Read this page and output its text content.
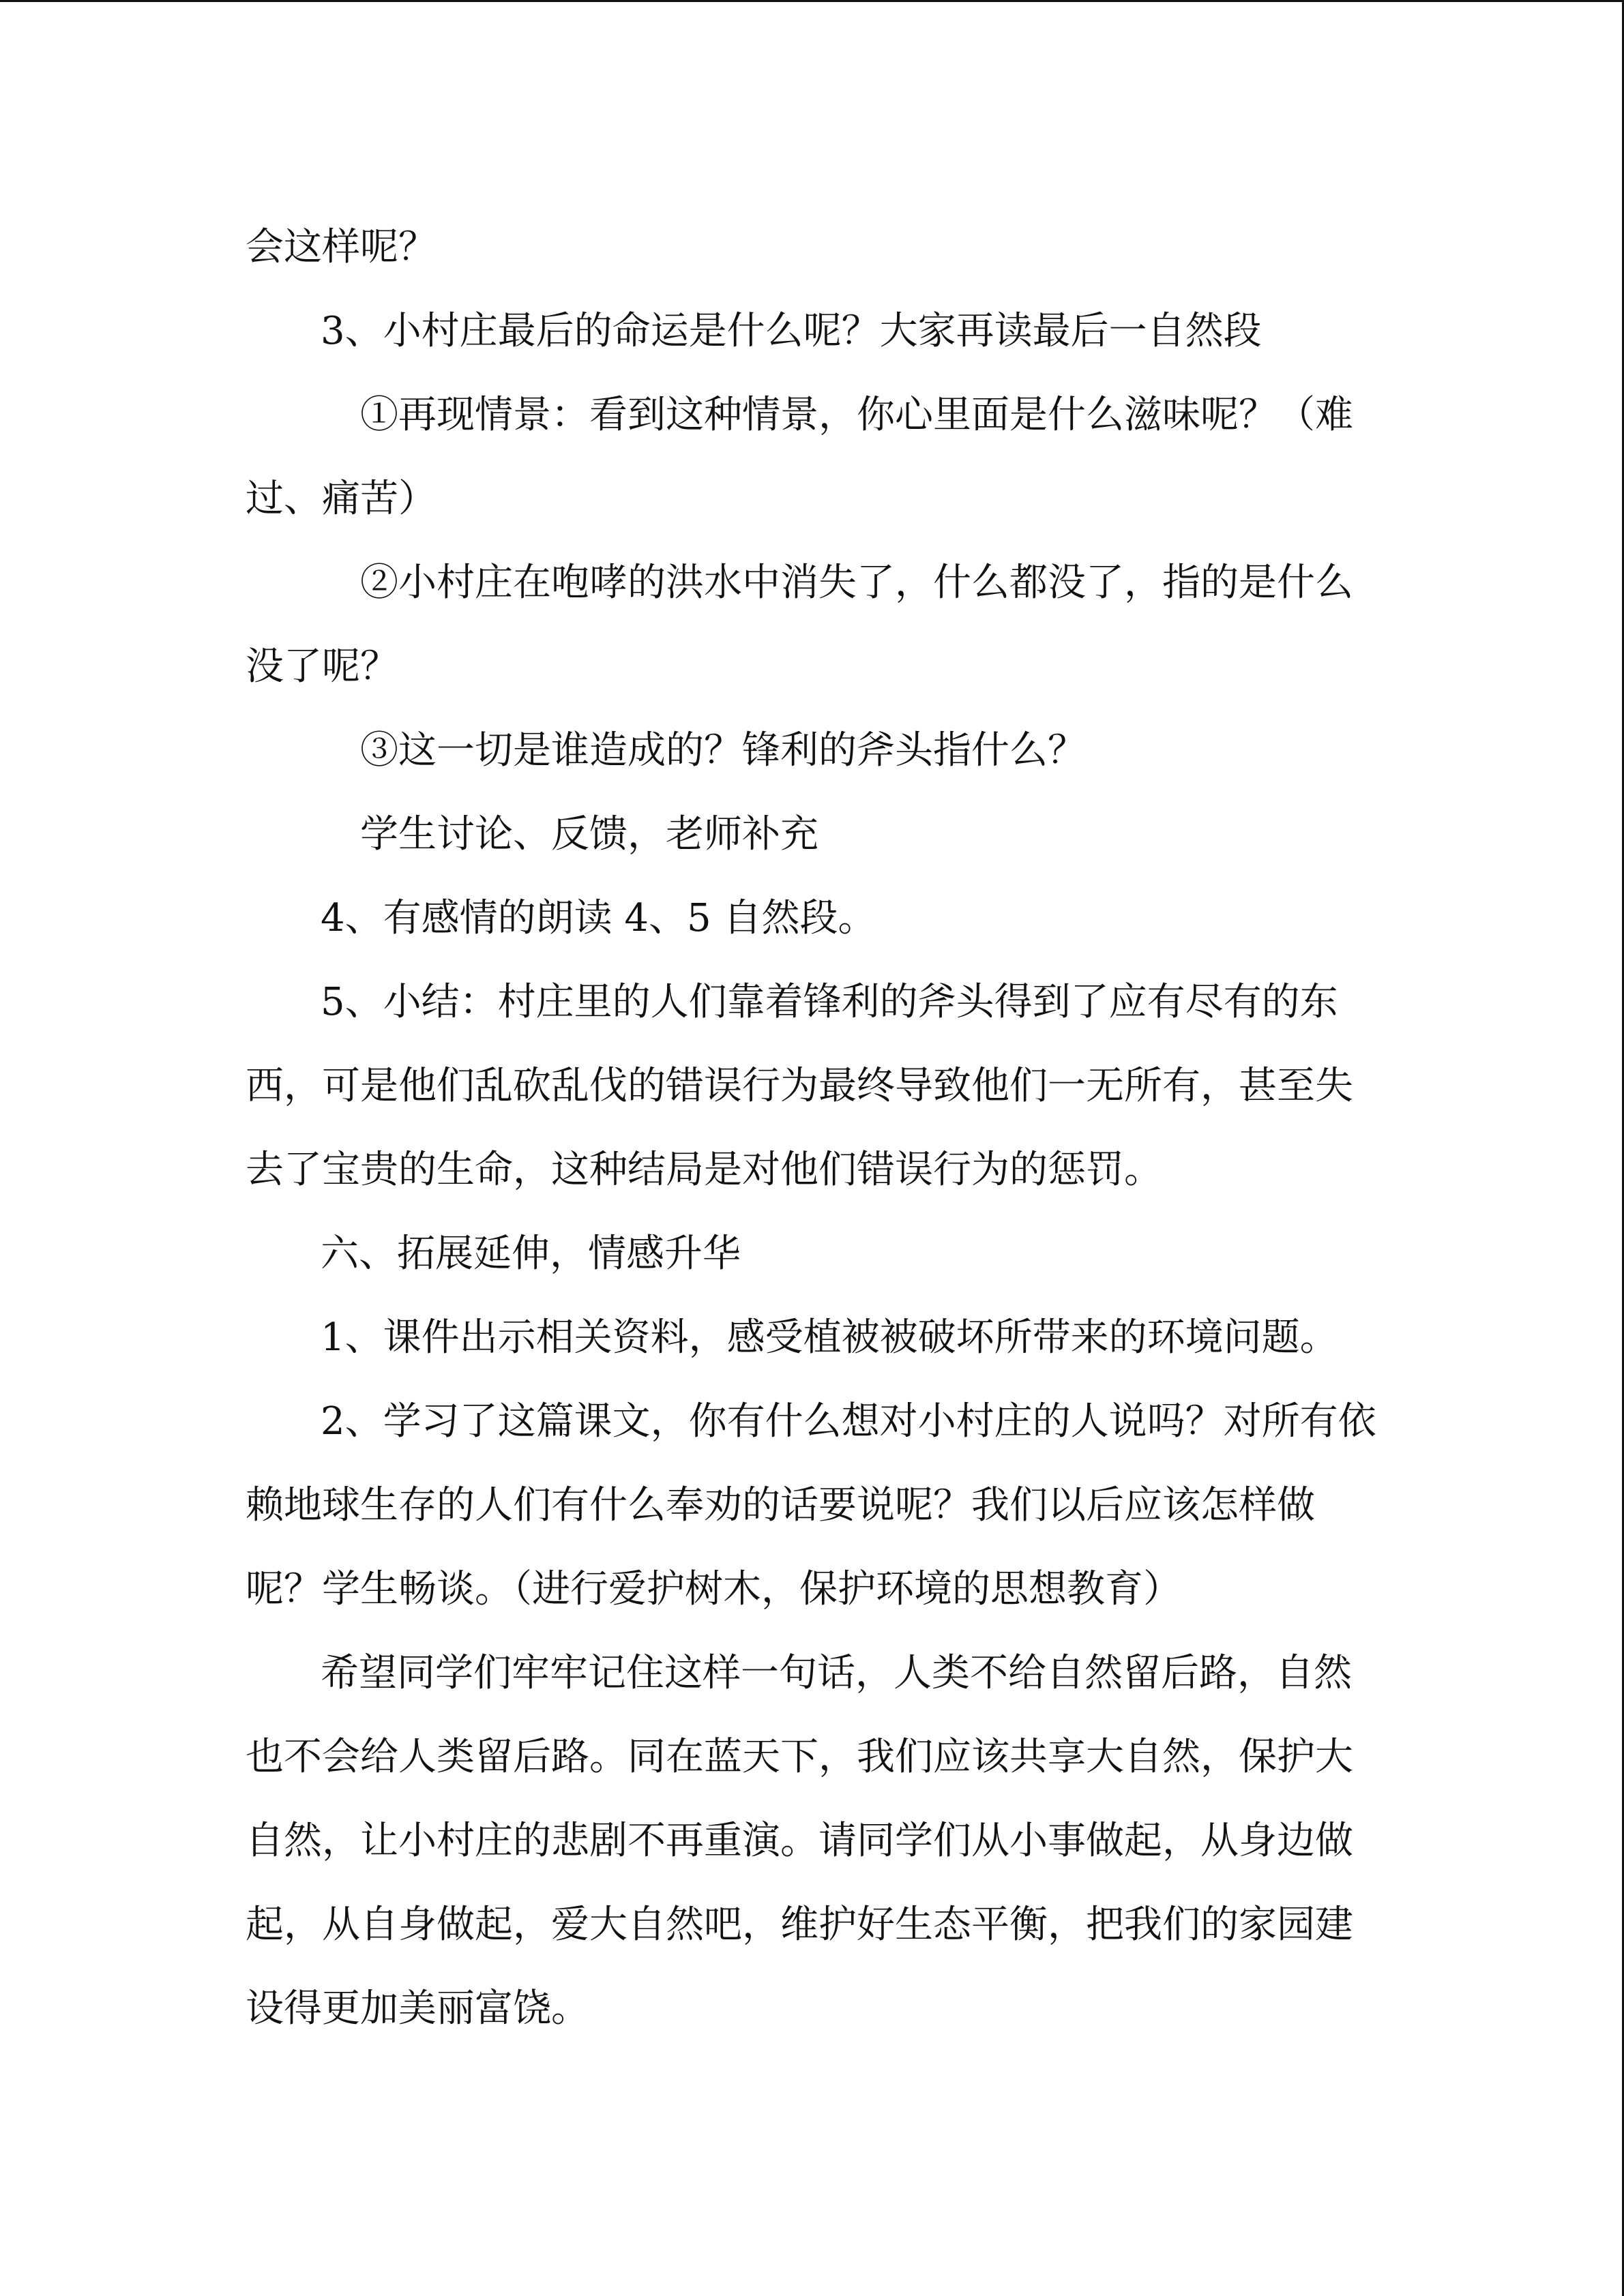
会这样呢？
3、小村庄最后的命运是什么呢？大家再读最后一自然段
①再现情景：看到这种情景，你心里面是什么滋味呢？（难
过、痛苦）
②小村庄在咆哮的洪水中消失了，什么都没了，指的是什么
没了呢？
③这一切是谁造成的？锋利的斧头指什么？
学生讨论、反馈，老师补充
4、有感情的朗读 4、5 自然段。
5、小结：村庄里的人们靠着锋利的斧头得到了应有尽有的东
西，可是他们乱砍乱伐的错误行为最终导致他们一无所有，甚至失
去了宝贵的生命，这种结局是对他们错误行为的惩罚。
六、拓展延伸，情感升华
1、课件出示相关资料，感受植被被破坏所带来的环境问题。
2、学习了这篇课文，你有什么想对小村庄的人说吗？对所有依
赖地球生存的人们有什么奉劝的话要说呢？我们以后应该怎样做
呢？学生畅谈。（进行爱护树木，保护环境的思想教育）
希望同学们牢牢记住这样一句话，人类不给自然留后路，自然
也不会给人类留后路。同在蓝天下，我们应该共享大自然，保护大
自然，让小村庄的悲剧不再重演。请同学们从小事做起，从身边做
起，从自身做起，爱大自然吧，维护好生态平衡，把我们的家园建
设得更加美丽富饶。
